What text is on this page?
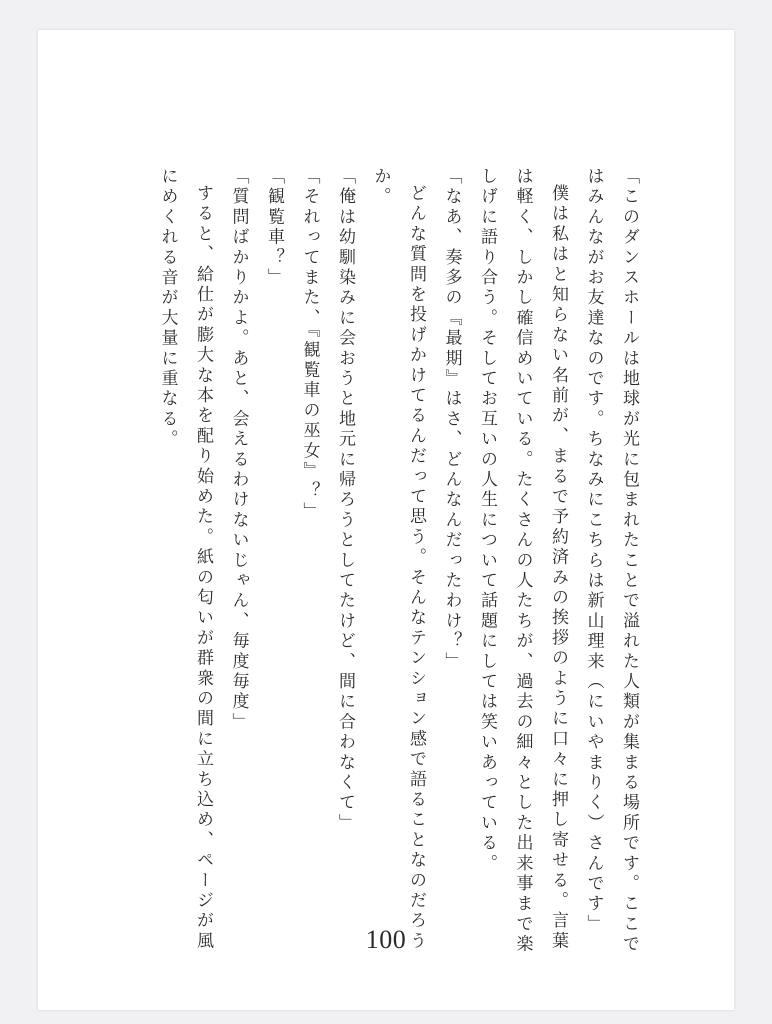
「このダンスホールは地球が光に包まれたことで溢れた人類が集まる場所です。ここではみんながお友達なのです。ちなみにこちらは新山理来（にいやまりく）さんです」

僕は私はと知らない名前が、まるで予約済みの挨拶のように口々に押し寄せる。言葉は軽く、しかし確信めいている。たくさんの人たちが、過去の細々とした出来事まで楽しげに語り合う。そしてお互いの人生について話題にしては笑いあっている。

「なあ、奏多の『最期』はさ、どんなんだったわけ？」

どんな質問を投げかけてるんだって思う。そんなテンション感で語ることなのだろうか。

「俺は幼馴染みに会おうと地元に帰ろうとしてたけど、間に合わなくて」

「それってまた、『観覧車の巫女』？」

「観覧車？」

「質問ばかりかよ。あと、会えるわけないじゃん、毎度毎度」

すると、給仕が膨大な本を配り始めた。紙の匂いが群衆の間に立ち込め、ページが風にめくれる音が大量に重なる。

100
